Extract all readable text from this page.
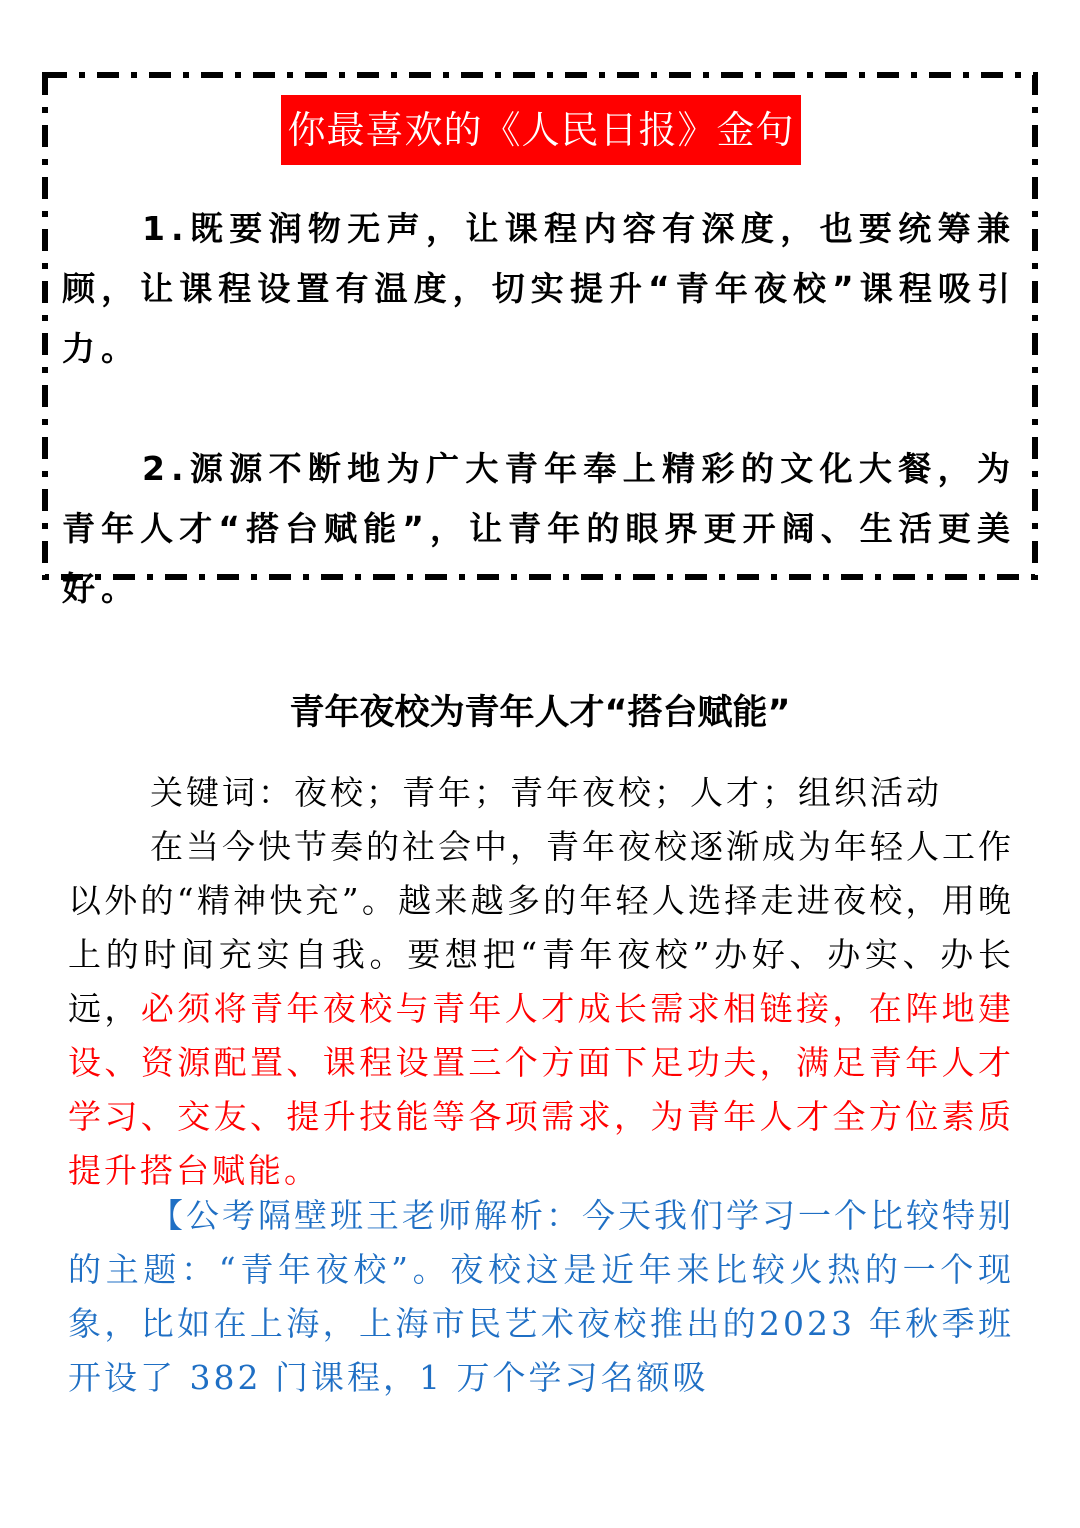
你最喜欢的《人民日报》金句

1.既要润物无声，让课程内容有深度，也要统筹兼顾，让课程设置有温度，切实提升“青年夜校”课程吸引力。

2.源源不断地为广大青年奉上精彩的文化大餐，为青年人才“搭台赋能”，让青年的眼界更开阔、生活更美好。

青年夜校为青年人才“搭台赋能”

关键词：夜校；青年；青年夜校；人才；组织活动

在当今快节奏的社会中，青年夜校逐渐成为年轻人工作以外的“精神快充”。越来越多的年轻人选择走进夜校，用晚上的时间充实自我。要想把“青年夜校”办好、办实、办长远，必须将青年夜校与青年人才成长需求相链接，在阵地建设、资源配置、课程设置三个方面下足功夫，满足青年人才学习、交友、提升技能等各项需求，为青年人才全方位素质提升搭台赋能。

【公考隔壁班王老师解析：今天我们学习一个比较特别的主题：“青年夜校”。夜校这是近年来比较火热的一个现象，比如在上海，上海市民艺术夜校推出的2023 年秋季班开设了 382 门课程，1 万个学习名额吸
